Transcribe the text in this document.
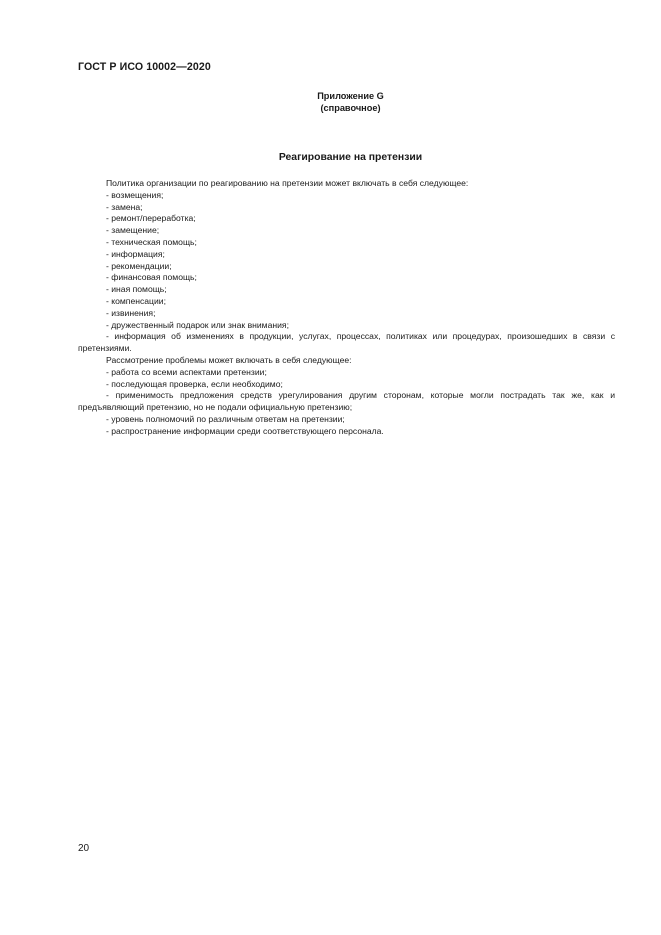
ГОСТ Р ИСО 10002—2020
Приложение G
(справочное)
Реагирование на претензии

Политика организации по реагированию на претензии может включать в себя следующее:

- возмещения;

- замена;

- ремонт/переработка;

- замещение;

- техническая помощь;

- информация;

- рекомендации;

- финансовая помощь;

- иная помощь;

- компенсации;

- извинения;

- дружественный подарок или знак внимания;

- информация об изменениях в продукции, услугах, процессах, политиках или процедурах, произошедших в связи с претензиями.

Рассмотрение проблемы может включать в себя следующее:

- работа со всеми аспектами претензии;

- последующая проверка, если необходимо;

- применимость предложения средств урегулирования другим сторонам, которые могли пострадать так же, как и предъявляющий претензию, но не подали официальную претензию;

- уровень полномочий по различным ответам на претензии;

- распространение информации среди соответствующего персонала.

20
